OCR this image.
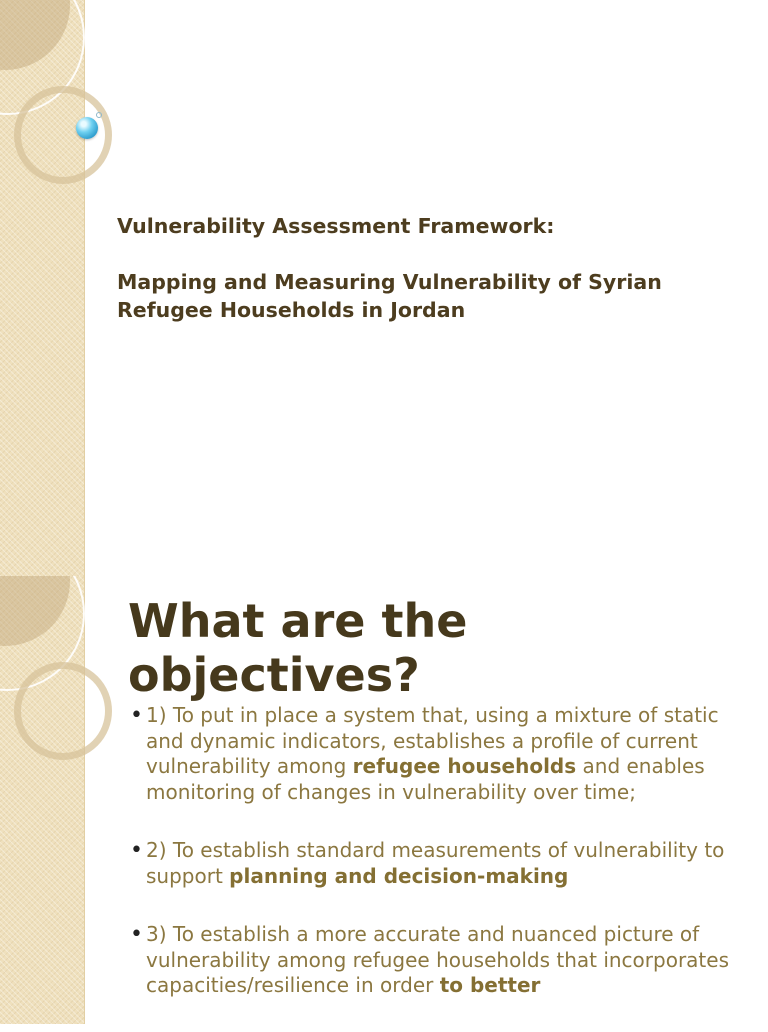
Vulnerability Assessment Framework:

Mapping and Measuring Vulnerability of Syrian Refugee Households in Jordan

What are the objectives?
• 1) To put in place a system that, using a mixture of static and dynamic indicators, establishes a profile of current vulnerability among refugee households and enables monitoring of changes in vulnerability over time;
• 2) To establish standard measurements of vulnerability to support planning and decision-making
• 3) To establish a more accurate and nuanced picture of vulnerability among refugee households that incorporates capacities/resilience in order to better
